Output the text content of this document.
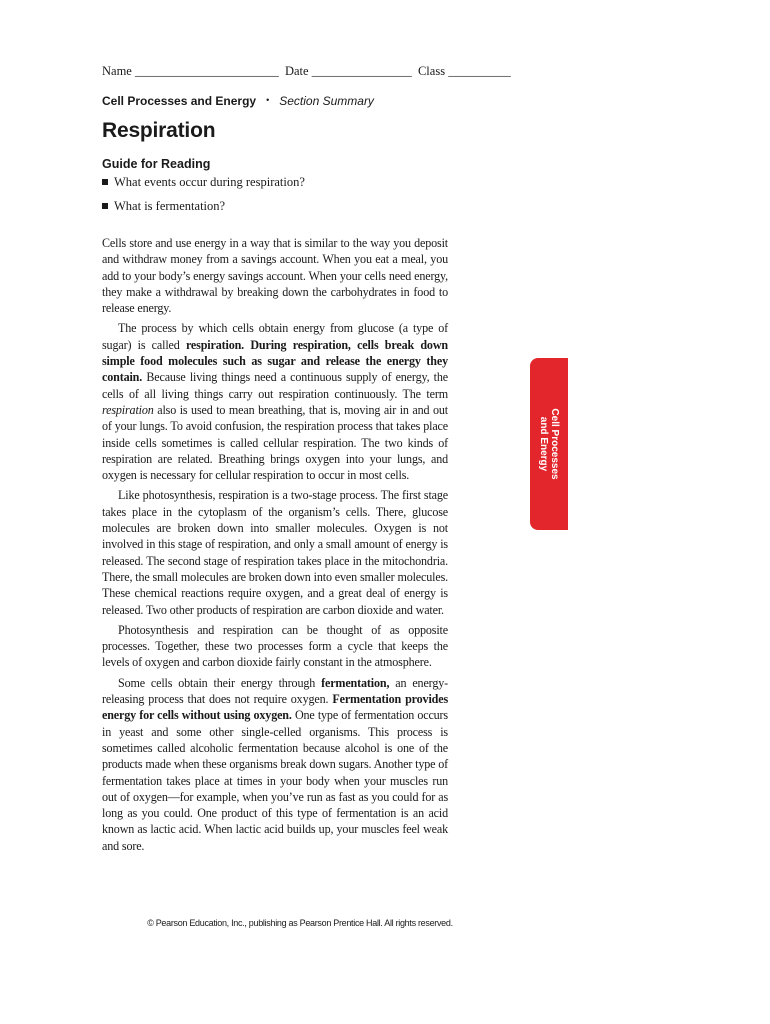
Name _______________________ Date ________________ Class __________
Cell Processes and Energy • Section Summary
Respiration
Guide for Reading
What events occur during respiration?
What is fermentation?

Cells store and use energy in a way that is similar to the way you deposit and withdraw money from a savings account. When you eat a meal, you add to your body’s energy savings account. When your cells need energy, they make a withdrawal by breaking down the carbohydrates in food to release energy.

The process by which cells obtain energy from glucose (a type of sugar) is called respiration. During respiration, cells break down simple food molecules such as sugar and release the energy they contain. Because living things need a continuous supply of energy, the cells of all living things carry out respiration continuously. The term respiration also is used to mean breathing, that is, moving air in and out of your lungs. To avoid confusion, the respiration process that takes place inside cells sometimes is called cellular respiration. The two kinds of respiration are related. Breathing brings oxygen into your lungs, and oxygen is necessary for cellular respiration to occur in most cells.

Like photosynthesis, respiration is a two-stage process. The first stage takes place in the cytoplasm of the organism’s cells. There, glucose molecules are broken down into smaller molecules. Oxygen is not involved in this stage of respiration, and only a small amount of energy is released. The second stage of respiration takes place in the mitochondria. There, the small molecules are broken down into even smaller molecules. These chemical reactions require oxygen, and a great deal of energy is released. Two other products of respiration are carbon dioxide and water.

Photosynthesis and respiration can be thought of as opposite processes. Together, these two processes form a cycle that keeps the levels of oxygen and carbon dioxide fairly constant in the atmosphere.

Some cells obtain their energy through fermentation, an energy-releasing process that does not require oxygen. Fermentation provides energy for cells without using oxygen. One type of fermentation occurs in yeast and some other single-celled organisms. This process is sometimes called alcoholic fermentation because alcohol is one of the products made when these organisms break down sugars. Another type of fermentation takes place at times in your body when your muscles run out of oxygen—for example, when you’ve run as fast as you could for as long as you could. One product of this type of fermentation is an acid known as lactic acid. When lactic acid builds up, your muscles feel weak and sore.

Cell Processes
and Energy
© Pearson Education, Inc., publishing as Pearson Prentice Hall. All rights reserved.
